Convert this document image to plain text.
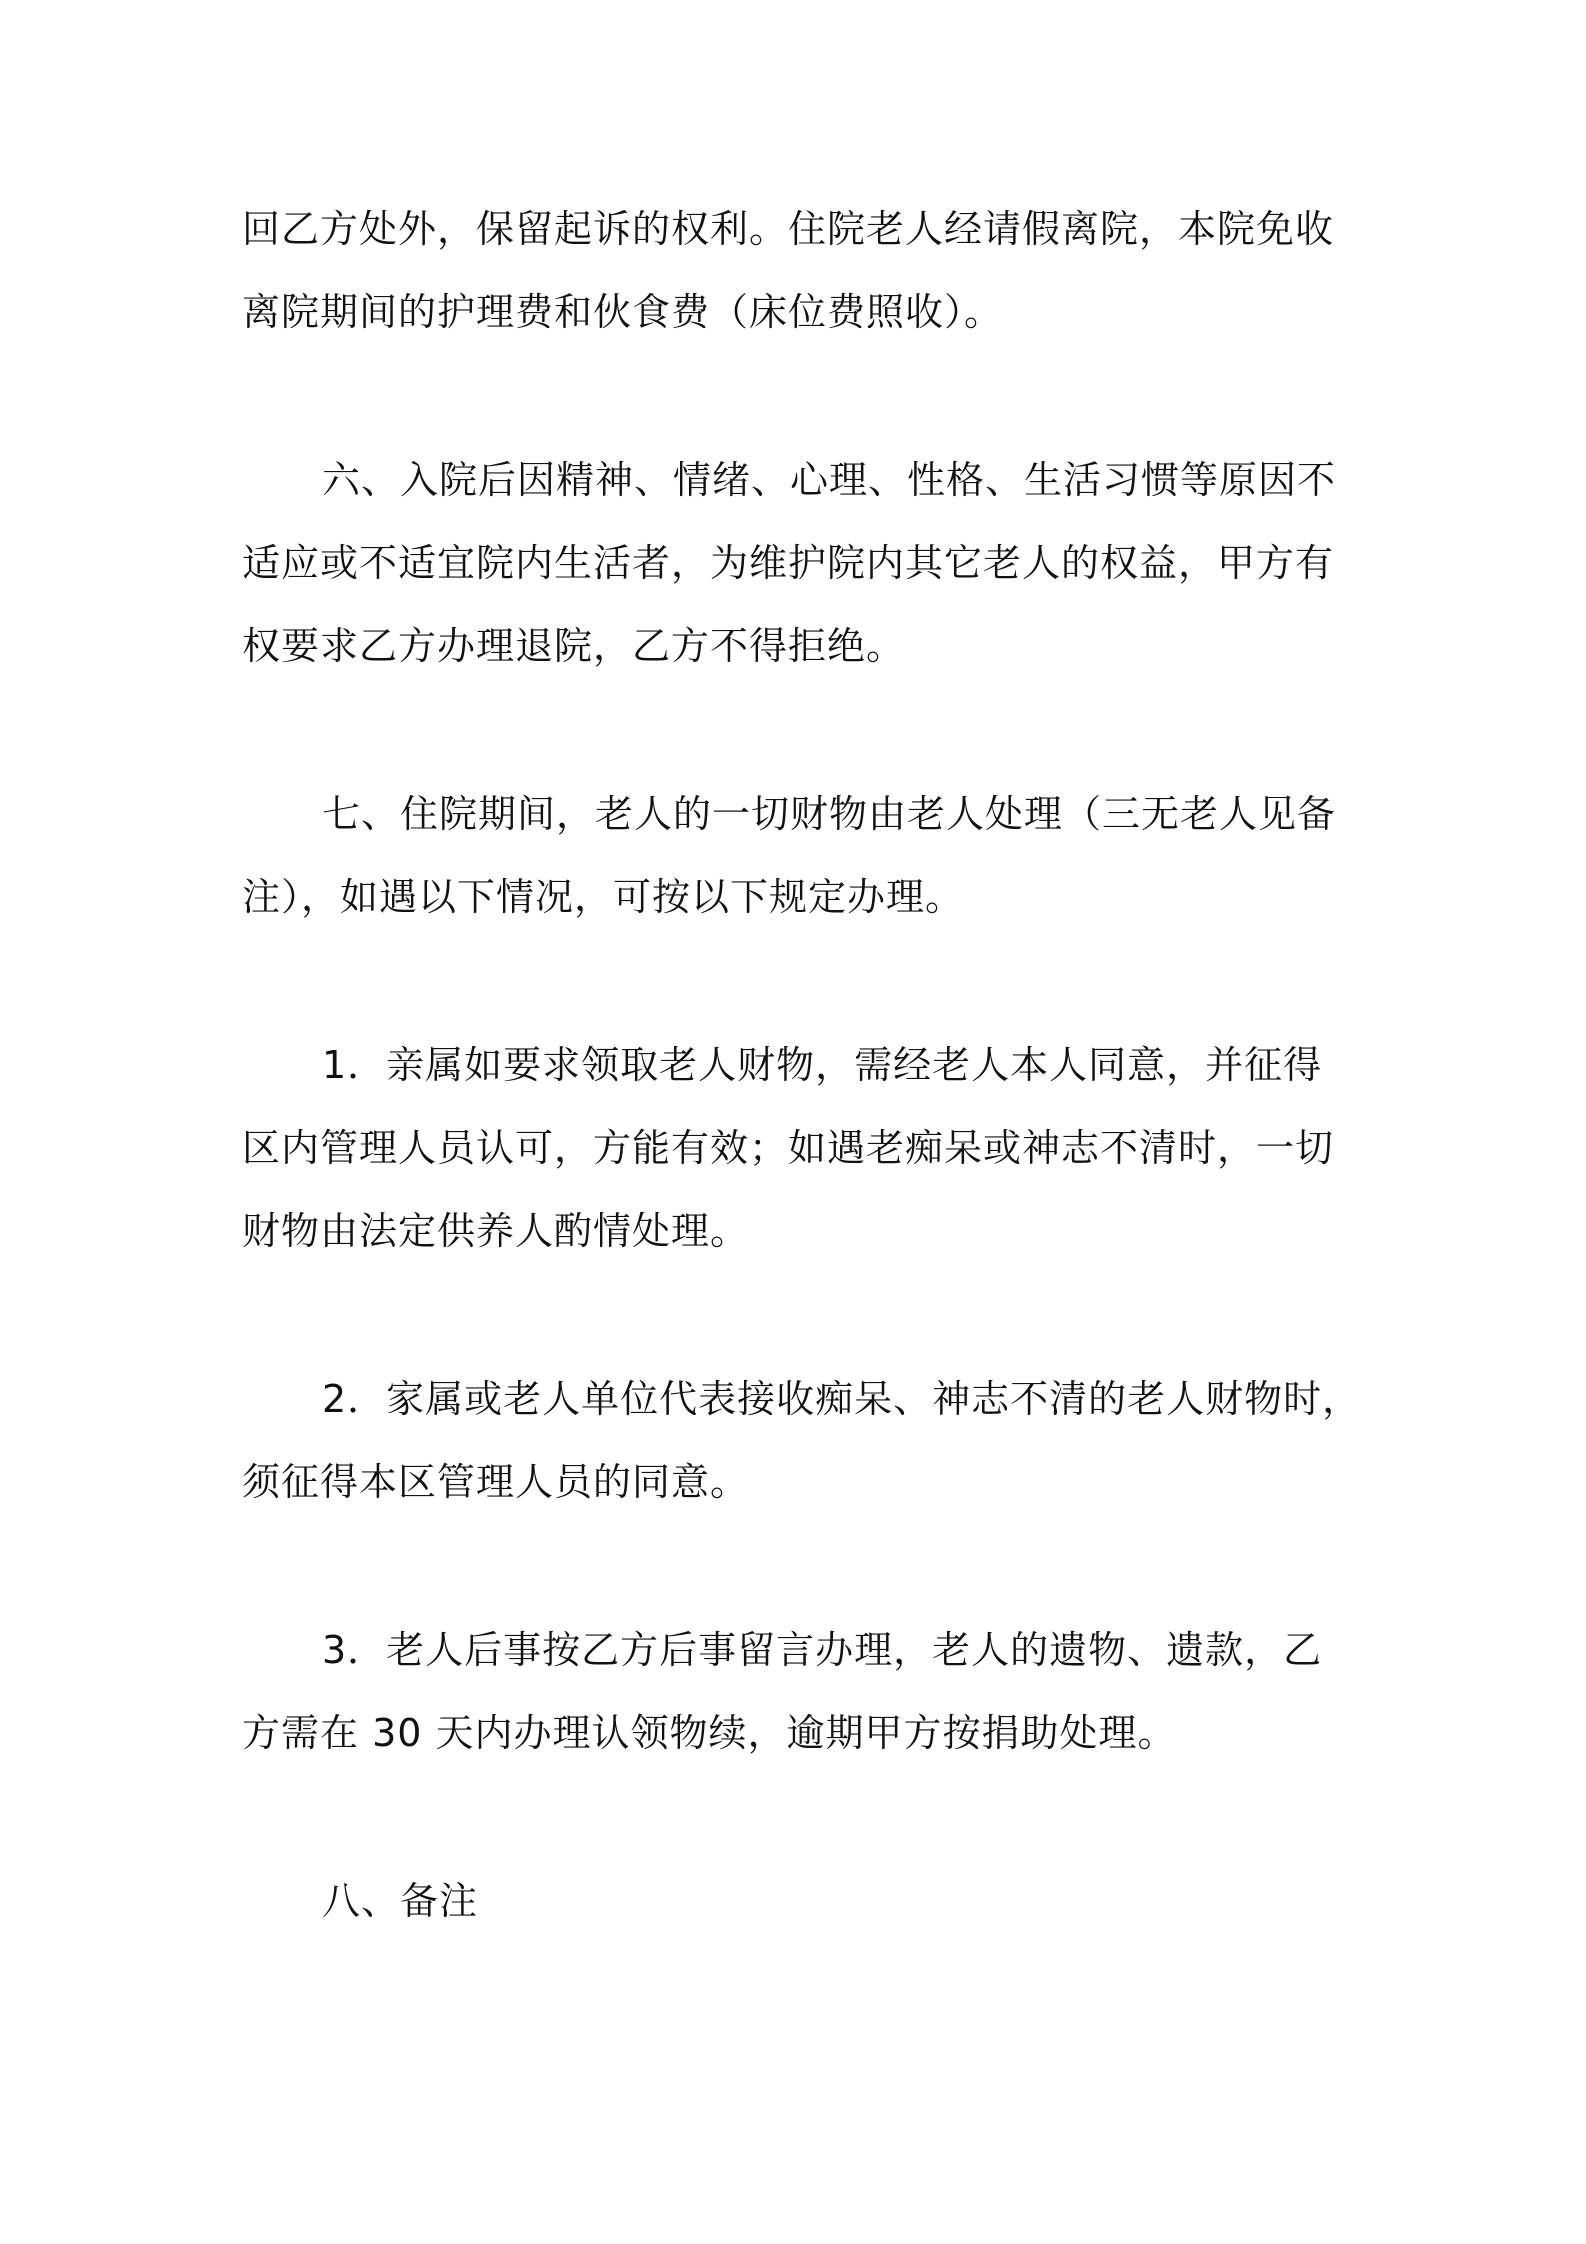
回乙方处外，保留起诉的权利。住院老人经请假离院，本院免收
离院期间的护理费和伙食费（床位费照收）。

六、入院后因精神、情绪、心理、性格、生活习惯等原因不
适应或不适宜院内生活者，为维护院内其它老人的权益，甲方有
权要求乙方办理退院，乙方不得拒绝。

七、住院期间，老人的一切财物由老人处理（三无老人见备
注），如遇以下情况，可按以下规定办理。

1．亲属如要求领取老人财物，需经老人本人同意，并征得
区内管理人员认可，方能有效；如遇老痴呆或神志不清时，一切
财物由法定供养人酌情处理。

2．家属或老人单位代表接收痴呆、神志不清的老人财物时，
须征得本区管理人员的同意。

3．老人后事按乙方后事留言办理，老人的遗物、遗款，乙
方需在 30 天内办理认领物续，逾期甲方按捐助处理。

八、备注
